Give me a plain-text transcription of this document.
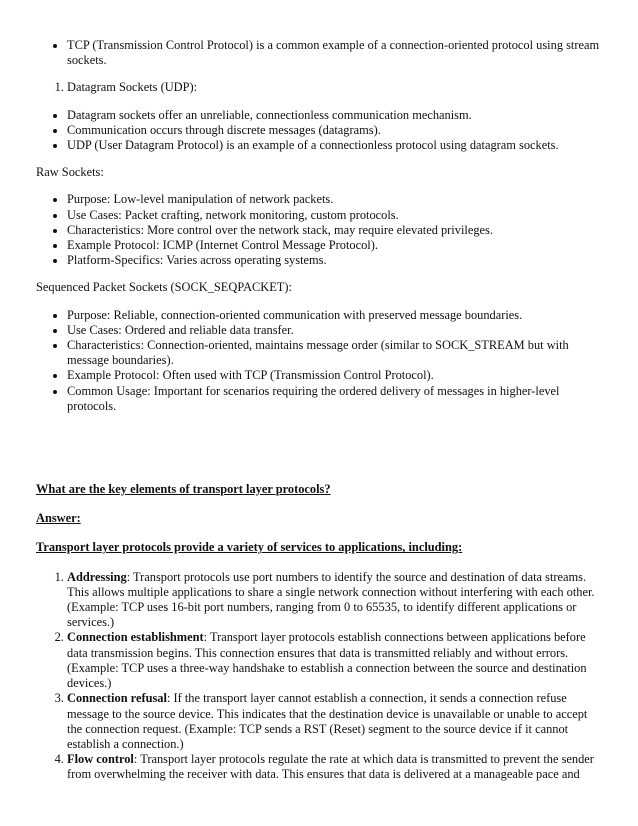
• TCP (Transmission Control Protocol) is a common example of a connection-oriented protocol using stream sockets.
1. Datagram Sockets (UDP):
• Datagram sockets offer an unreliable, connectionless communication mechanism.
• Communication occurs through discrete messages (datagrams).
• UDP (User Datagram Protocol) is an example of a connectionless protocol using datagram sockets.

Raw Sockets:

• Purpose: Low-level manipulation of network packets.
• Use Cases: Packet crafting, network monitoring, custom protocols.
• Characteristics: More control over the network stack, may require elevated privileges.
• Example Protocol: ICMP (Internet Control Message Protocol).
• Platform-Specifics: Varies across operating systems.

Sequenced Packet Sockets (SOCK_SEQPACKET):

• Purpose: Reliable, connection-oriented communication with preserved message boundaries.
• Use Cases: Ordered and reliable data transfer.
• Characteristics: Connection-oriented, maintains message order (similar to SOCK_STREAM but with message boundaries).
• Example Protocol: Often used with TCP (Transmission Control Protocol).
• Common Usage: Important for scenarios requiring the ordered delivery of messages in higher-level protocols.

What are the key elements of transport layer protocols?

Answer:

Transport layer protocols provide a variety of services to applications, including:

1. Addressing: Transport protocols use port numbers to identify the source and destination of data streams. This allows multiple applications to share a single network connection without interfering with each other. (Example: TCP uses 16-bit port numbers, ranging from 0 to 65535, to identify different applications or services.)
2. Connection establishment: Transport layer protocols establish connections between applications before data transmission begins. This connection ensures that data is transmitted reliably and without errors. (Example: TCP uses a three-way handshake to establish a connection between the source and destination devices.)
3. Connection refusal: If the transport layer cannot establish a connection, it sends a connection refuse message to the source device. This indicates that the destination device is unavailable or unable to accept the connection request. (Example: TCP sends a RST (Reset) segment to the source device if it cannot establish a connection.)
4. Flow control: Transport layer protocols regulate the rate at which data is transmitted to prevent the sender from overwhelming the receiver with data. This ensures that data is delivered at a manageable pace and
